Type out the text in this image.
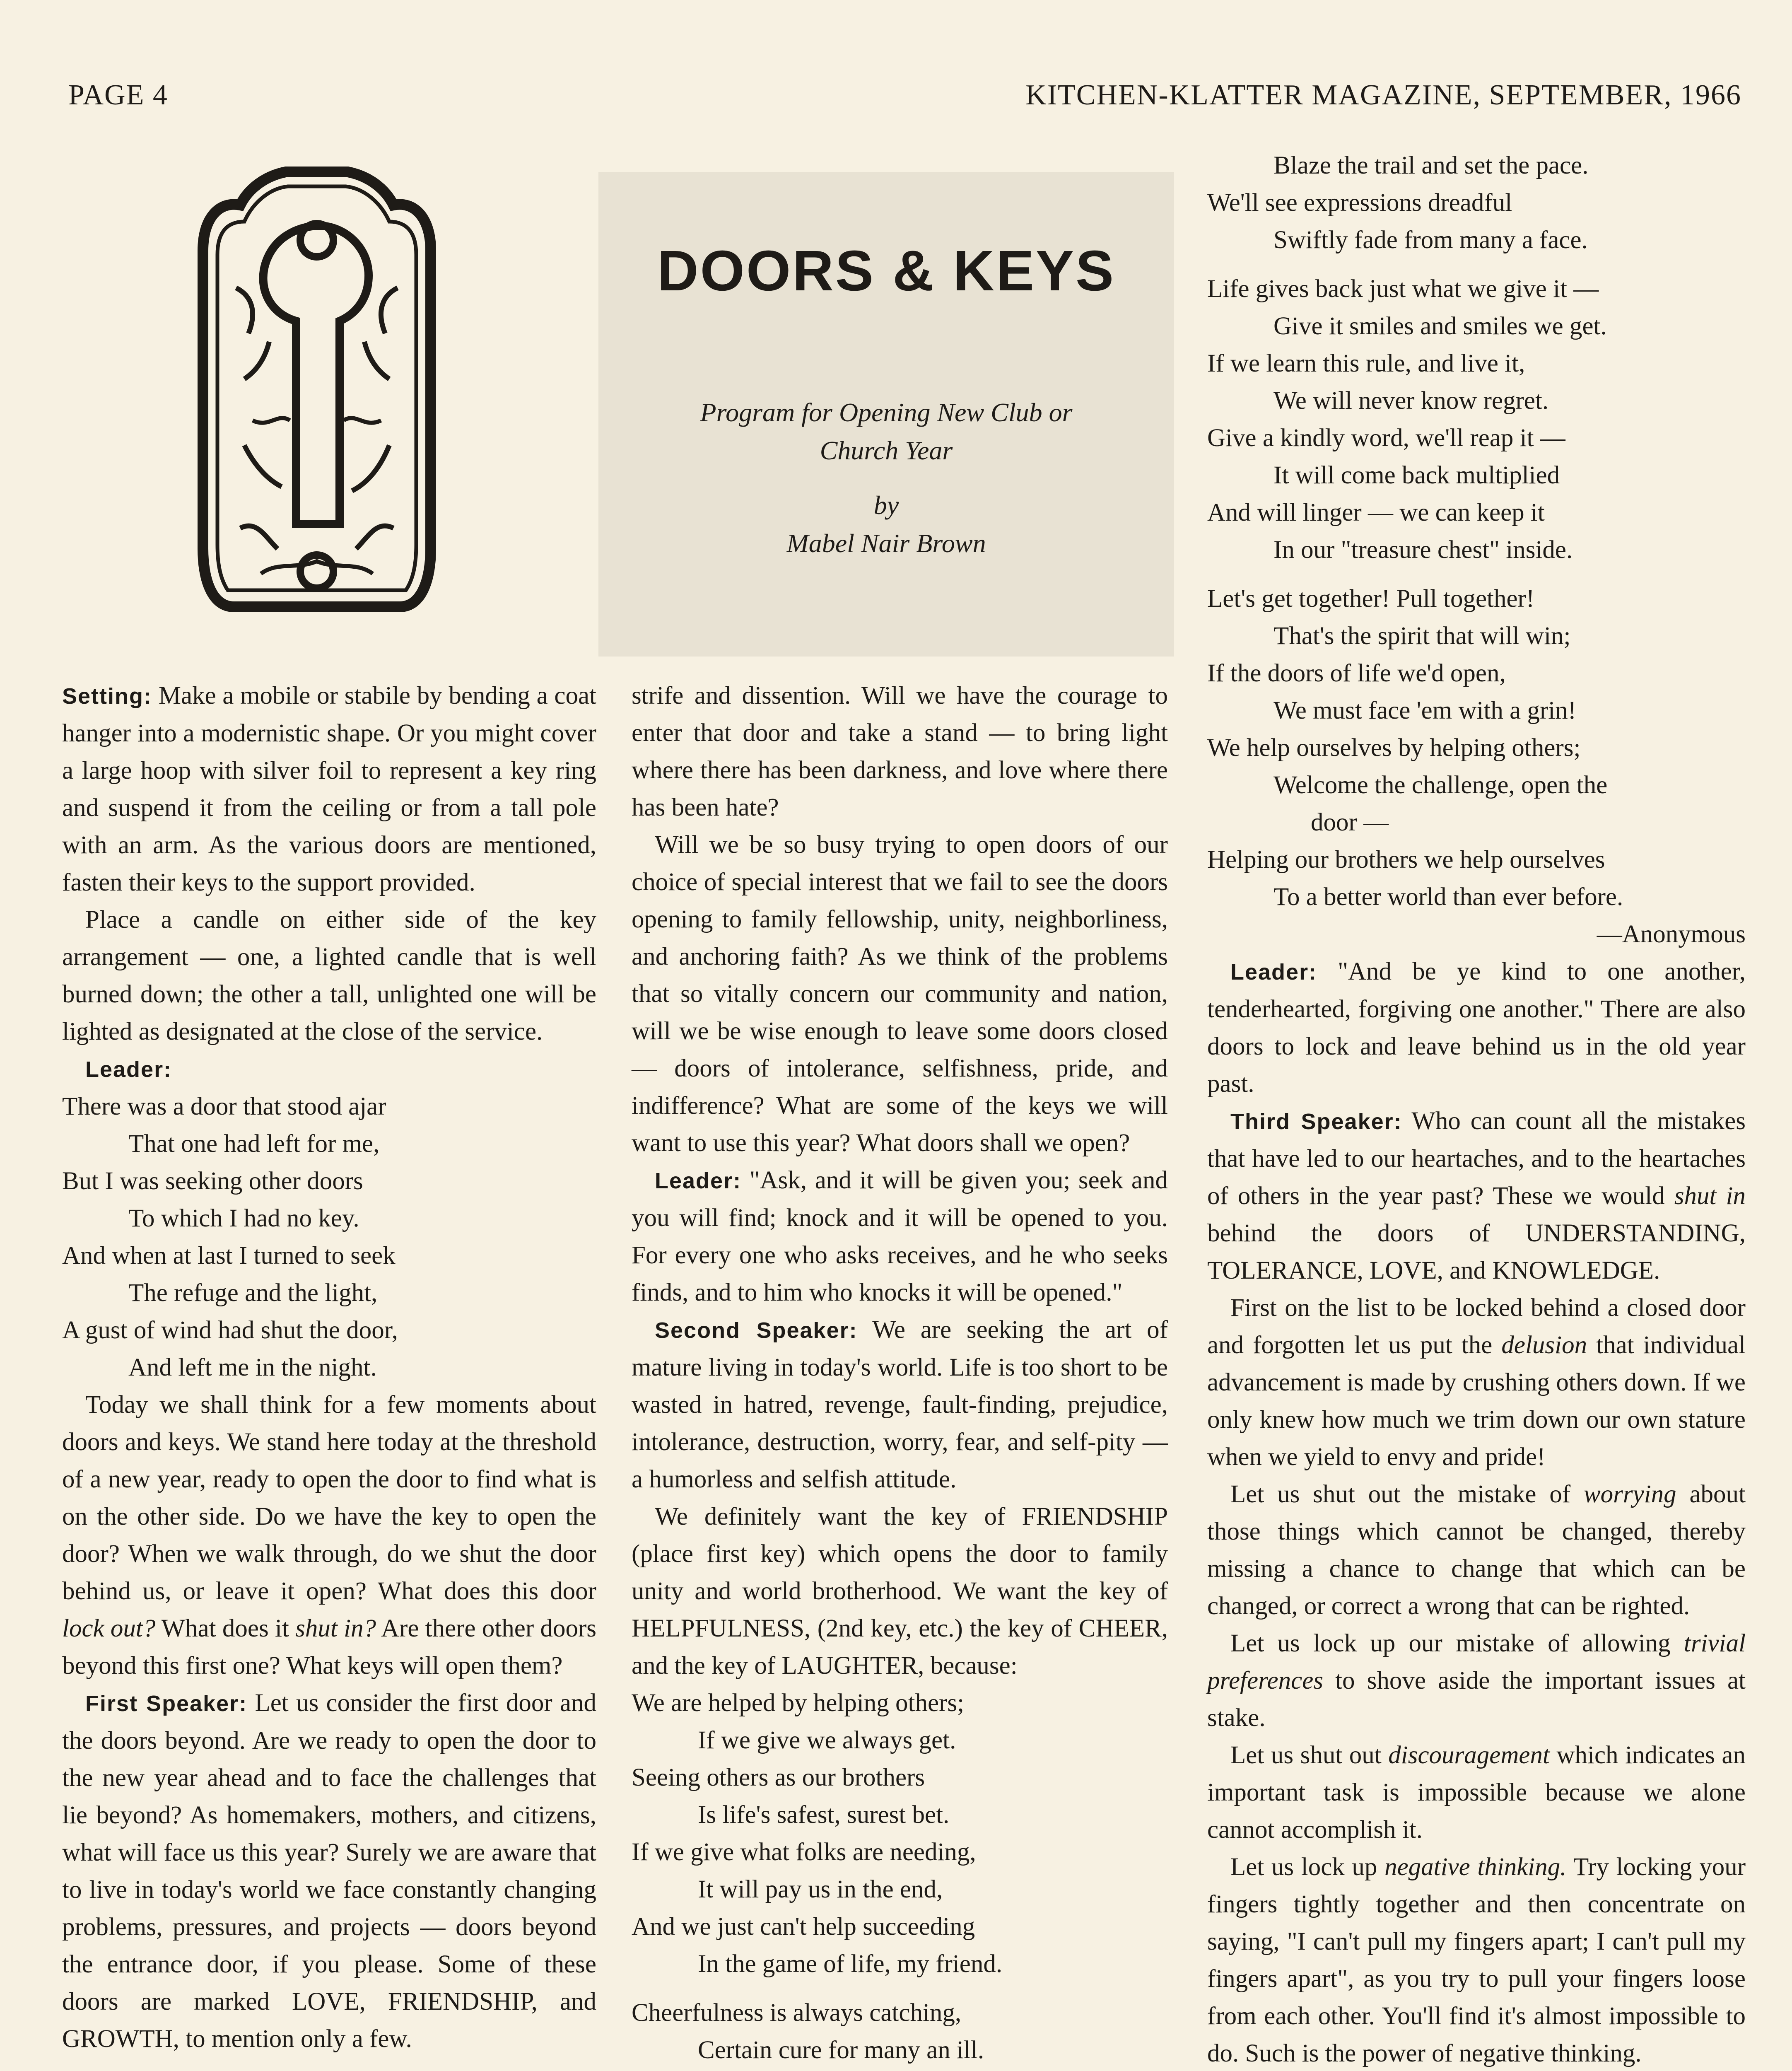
PAGE 4	KITCHEN-KLATTER MAGAZINE, SEPTEMBER, 1966
DOORS & KEYS
Program for Opening New Club or
Church Year
by
Mabel Nair Brown

Setting: Make a mobile or stabile by bending a coat hanger into a modernistic shape. Or you might cover a large hoop with silver foil to represent a key ring and suspend it from the ceiling or from a tall pole with an arm. As the various doors are mentioned, fasten their keys to the support provided.

Place a candle on either side of the key arrangement — one, a lighted candle that is well burned down; the other a tall, unlighted one will be lighted as designated at the close of the service.

Leader:

There was a door that stood ajar
That one had left for me,
But I was seeking other doors
To which I had no key.
And when at last I turned to seek
The refuge and the light,
A gust of wind had shut the door,
And left me in the night.

Today we shall think for a few moments about doors and keys. We stand here today at the threshold of a new year, ready to open the door to find what is on the other side. Do we have the key to open the door? When we walk through, do we shut the door behind us, or leave it open? What does this door lock out? What does it shut in? Are there other doors beyond this first one? What keys will open them?

First Speaker: Let us consider the first door and the doors beyond. Are we ready to open the door to the new year ahead and to face the challenges that lie beyond? As homemakers, mothers, and citizens, what will face us this year? Surely we are aware that to live in today's world we face constantly changing problems, pressures, and projects — doors beyond the entrance door, if you please. Some of these doors are marked LOVE, FRIENDSHIP, and GROWTH, to mention only a few.

strife and dissention. Will we have the courage to enter that door and take a stand — to bring light where there has been darkness, and love where there has been hate?

Will we be so busy trying to open doors of our choice of special interest that we fail to see the doors opening to family fellowship, unity, neighborliness, and anchoring faith? As we think of the problems that so vitally concern our community and nation, will we be wise enough to leave some doors closed — doors of intolerance, selfishness, pride, and indifference? What are some of the keys we will want to use this year? What doors shall we open?

Leader: "Ask, and it will be given you; seek and you will find; knock and it will be opened to you. For every one who asks receives, and he who seeks finds, and to him who knocks it will be opened."

Second Speaker: We are seeking the art of mature living in today's world. Life is too short to be wasted in hatred, revenge, fault-finding, prejudice, intolerance, destruction, worry, fear, and self-pity — a humorless and selfish attitude.

We definitely want the key of FRIENDSHIP (place first key) which opens the door to family unity and world brotherhood. We want the key of HELPFULNESS, (2nd key, etc.) the key of CHEER, and the key of LAUGHTER, because:

We are helped by helping others;
If we give we always get.
Seeing others as our brothers
Is life's safest, surest bet.
If we give what folks are needing,
It will pay us in the end,
And we just can't help succeeding
In the game of life, my friend.
Cheerfulness is always catching,
Certain cure for many an ill.
Blaze the trail and set the pace.
We'll see expressions dreadful
Swiftly fade from many a face.
Life gives back just what we give it —
Give it smiles and smiles we get.
If we learn this rule, and live it,
We will never know regret.
Give a kindly word, we'll reap it —
It will come back multiplied
And will linger — we can keep it
In our "treasure chest" inside.
Let's get together! Pull together!
That's the spirit that will win;
If the doors of life we'd open,
We must face 'em with a grin!
We help ourselves by helping others;
Welcome the challenge, open the
door —
Helping our brothers we help ourselves
To a better world than ever before.
—Anonymous

Leader: "And be ye kind to one another, tenderhearted, forgiving one another." There are also doors to lock and leave behind us in the old year past.

Third Speaker: Who can count all the mistakes that have led to our heartaches, and to the heartaches of others in the year past? These we would shut in behind the doors of UNDERSTANDING, TOLERANCE, LOVE, and KNOWLEDGE.

First on the list to be locked behind a closed door and forgotten let us put the delusion that individual advancement is made by crushing others down. If we only knew how much we trim down our own stature when we yield to envy and pride!

Let us shut out the mistake of worrying about those things which cannot be changed, thereby missing a chance to change that which can be changed, or correct a wrong that can be righted.

Let us lock up our mistake of allowing trivial preferences to shove aside the important issues at stake.

Let us shut out discouragement which indicates an important task is impossible because we alone cannot accomplish it.

Let us lock up negative thinking. Try locking your fingers tightly together and then concentrate on saying, "I can't pull my fingers apart; I can't pull my fingers apart", as you try to pull your fingers loose from each other. You'll find it's almost impossible to do. Such is the power of negative thinking.
